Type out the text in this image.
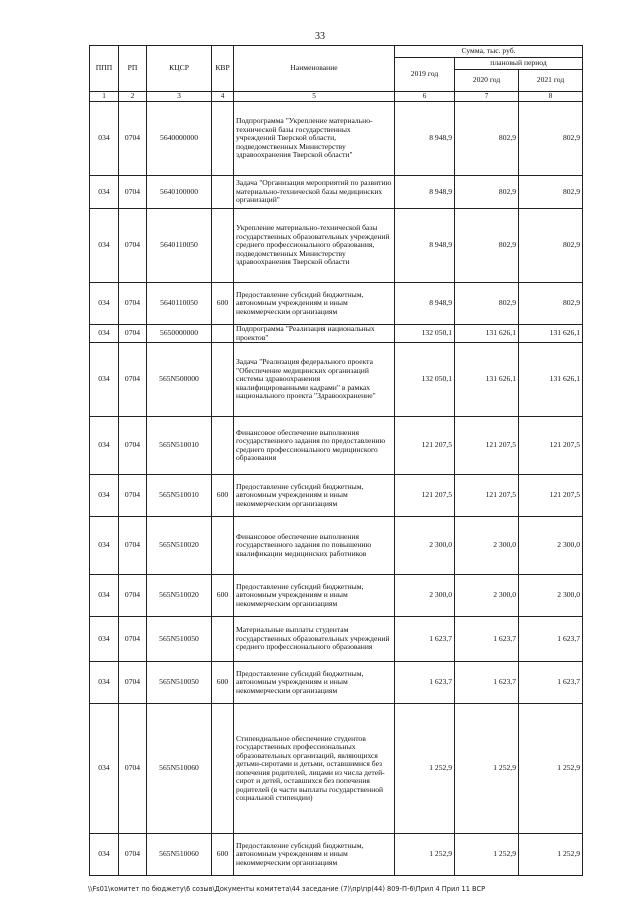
33
ППП	РП	КЦСР	КВР	Наименование	Сумма, тыс. руб.		
					2019 год	плановый период	
						2020 год	2021 год
1	2	3	4	5	6	7	8
034	0704	5640000000		Подпрограмма "Укрепление материально-технической базы государственных учреждений Тверской области, подведомственных Министерству здравоохранения Тверской области"	8 948,9	802,9	802,9
034	0704	5640100000		Задача "Организация мероприятий по развитию материально-технической базы медицинских организаций"	8 948,9	802,9	802,9
034	0704	5640110050		Укрепление материально-технической базы государственных образовательных учреждений среднего профессионального образования, подведомственных Министерству здравоохранения Тверской области	8 948,9	802,9	802,9
034	0704	5640110050	600	Предоставление субсидий бюджетным, автономным учреждениям и иным некоммерческим организациям	8 948,9	802,9	802,9
034	0704	5650000000		Подпрограмма "Реализация национальных проектов"	132 050,1	131 626,1	131 626,1
034	0704	565N500000		Задача "Реализация федерального проекта "Обеспечение медицинских организаций системы здравоохранения квалифицированными кадрами" в рамках национального проекта "Здравоохранение"	132 050,1	131 626,1	131 626,1
034	0704	565N510010		Финансовое обеспечение выполнения государственного задания по предоставлению среднего профессионального медицинского образования	121 207,5	121 207,5	121 207,5
034	0704	565N510010	600	Предоставление субсидий бюджетным, автономным учреждениям и иным некоммерческим организациям	121 207,5	121 207,5	121 207,5
034	0704	565N510020		Финансовое обеспечение выполнения государственного задания по повышению квалификации медицинских работников	2 300,0	2 300,0	2 300,0
034	0704	565N510020	600	Предоставление субсидий бюджетным, автономным учреждениям и иным некоммерческим организациям	2 300,0	2 300,0	2 300,0
034	0704	565N510050		Материальные выплаты студентам государственных образовательных учреждений среднего профессионального образования	1 623,7	1 623,7	1 623,7
034	0704	565N510050	600	Предоставление субсидий бюджетным, автономным учреждениям и иным некоммерческим организациям	1 623,7	1 623,7	1 623,7
034	0704	565N510060		Стипендиальное обеспечение студентов государственных профессиональных образовательных организаций, являющихся детьми-сиротами и детьми, оставшимися без попечения родителей, лицами из числа детей-сирот и детей, оставшихся без попечения родителей (в части выплаты государственной социальной стипендии)	1 252,9	1 252,9	1 252,9
034	0704	565N510060	600	Предоставление субсидий бюджетным, автономным учреждениям и иным некоммерческим организациям	1 252,9	1 252,9	1 252,9
\\Fs01\комитет по бюджету\6 созыв\Документы комитета\44 заседание (7)\пр\пр(44) 809-П-6\Прил 4 Прил 11 ВСР
